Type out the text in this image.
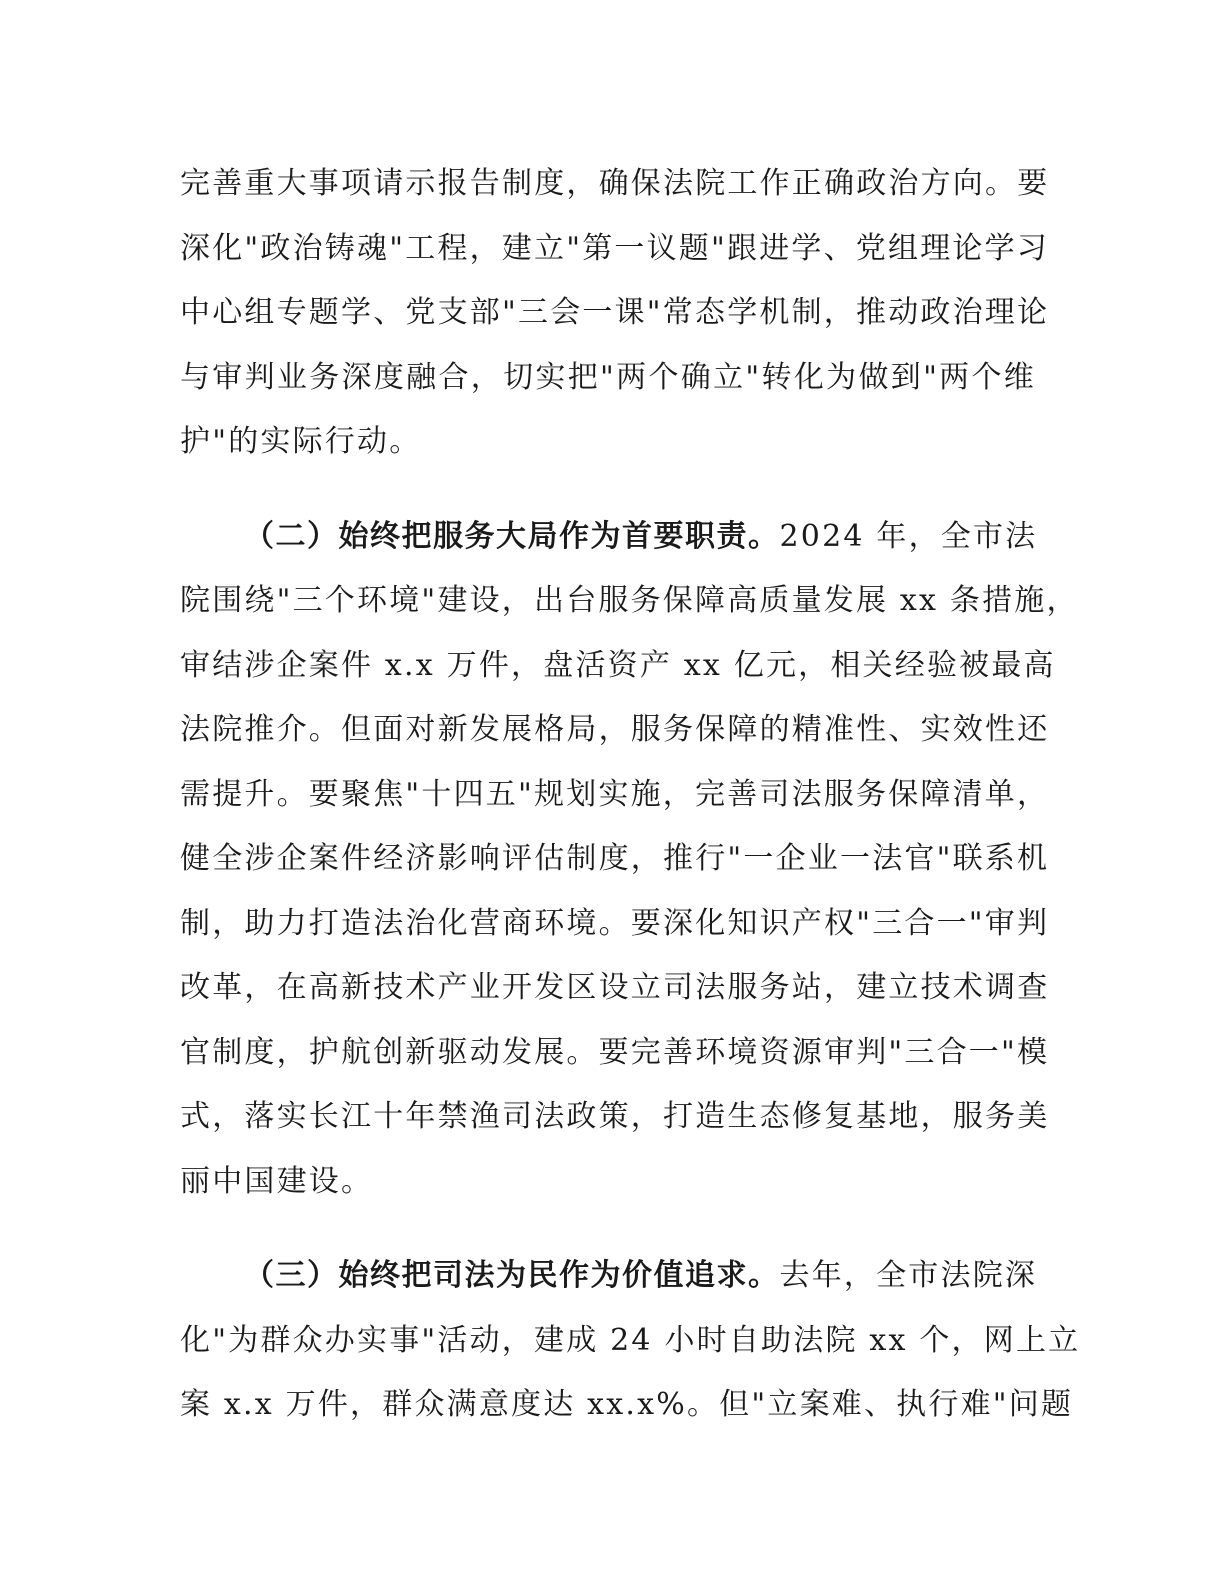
完善重大事项请示报告制度，确保法院工作正确政治方向。要
深化"政治铸魂"工程，建立"第一议题"跟进学、党组理论学习
中心组专题学、党支部"三会一课"常态学机制，推动政治理论
与审判业务深度融合，切实把"两个确立"转化为做到"两个维
护"的实际行动。
（二）始终把服务大局作为首要职责。2024 年，全市法
院围绕"三个环境"建设，出台服务保障高质量发展 xx 条措施，
审结涉企案件 x.x 万件，盘活资产 xx 亿元，相关经验被最高
法院推介。但面对新发展格局，服务保障的精准性、实效性还
需提升。要聚焦"十四五"规划实施，完善司法服务保障清单，
健全涉企案件经济影响评估制度，推行"一企业一法官"联系机
制，助力打造法治化营商环境。要深化知识产权"三合一"审判
改革，在高新技术产业开发区设立司法服务站，建立技术调查
官制度，护航创新驱动发展。要完善环境资源审判"三合一"模
式，落实长江十年禁渔司法政策，打造生态修复基地，服务美
丽中国建设。
（三）始终把司法为民作为价值追求。去年，全市法院深
化"为群众办实事"活动，建成 24 小时自助法院 xx 个，网上立
案 x.x 万件，群众满意度达 xx.x%。但"立案难、执行难"问题
